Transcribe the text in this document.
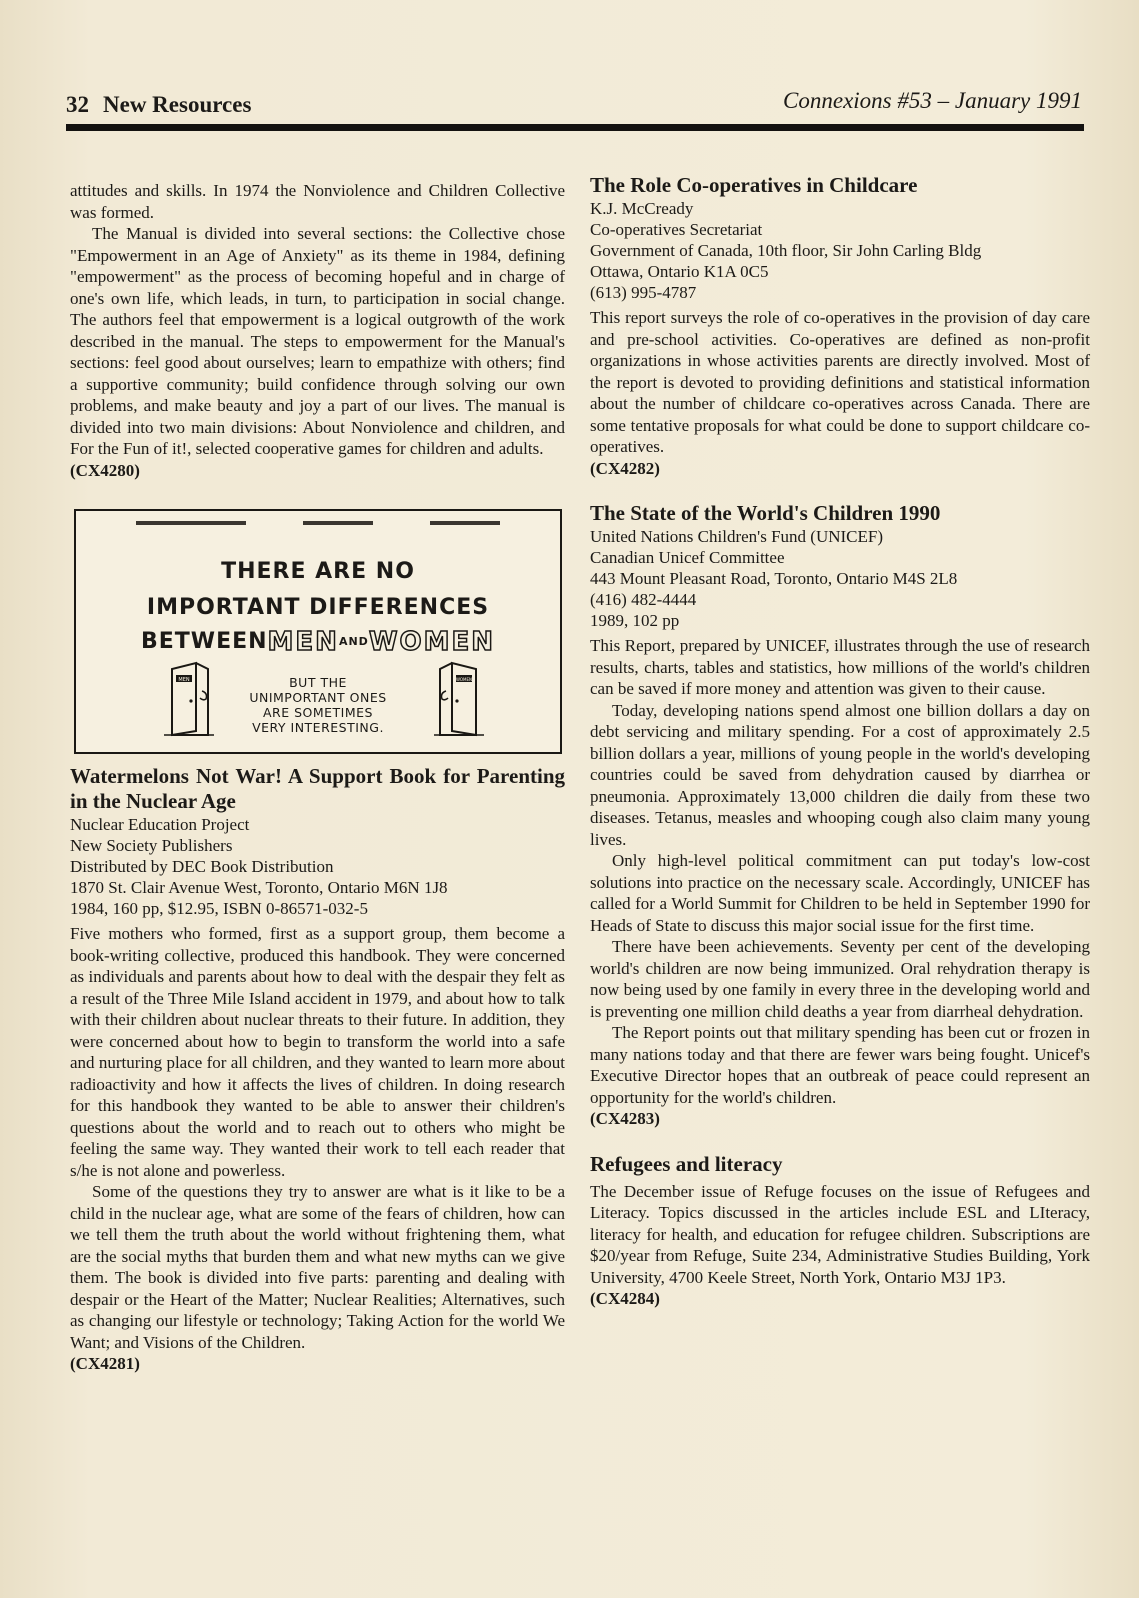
32 New Resources	Connexions #53 – January 1991

attitudes and skills. In 1974 the Nonviolence and Children Collective was formed.

The Manual is divided into several sections: the Collective chose "Empowerment in an Age of Anxiety" as its theme in 1984, defining "empowerment" as the process of becoming hopeful and in charge of one's own life, which leads, in turn, to participation in social change. The authors feel that empowerment is a logical outgrowth of the work described in the manual. The steps to empowerment for the Manual's sections: feel good about ourselves; learn to empathize with others; find a supportive community; build confidence through solving our own problems, and make beauty and joy a part of our lives. The manual is divided into two main divisions: About Nonviolence and children, and For the Fun of it!, selected cooperative games for children and adults.

(CX4280)

THERE ARE NO
IMPORTANT DIFFERENCES
BETWEENMENANDWOMEN
MEN	WOMEN
BUT THE
UNIMPORTANT ONES
ARE SOMETIMES
VERY INTERESTING.
Watermelons Not War! A Support Book for Parenting in the Nuclear Age
Nuclear Education Project
New Society Publishers
Distributed by DEC Book Distribution
1870 St. Clair Avenue West, Toronto, Ontario M6N 1J8
1984, 160 pp, $12.95, ISBN 0-86571-032-5

Five mothers who formed, first as a support group, them become a book-writing collective, produced this handbook. They were concerned as individuals and parents about how to deal with the despair they felt as a result of the Three Mile Island accident in 1979, and about how to talk with their children about nuclear threats to their future. In addition, they were concerned about how to begin to transform the world into a safe and nurturing place for all children, and they wanted to learn more about radioactivity and how it affects the lives of children. In doing research for this handbook they wanted to be able to answer their children's questions about the world and to reach out to others who might be feeling the same way. They wanted their work to tell each reader that s/he is not alone and powerless.

Some of the questions they try to answer are what is it like to be a child in the nuclear age, what are some of the fears of children, how can we tell them the truth about the world without frightening them, what are the social myths that burden them and what new myths can we give them. The book is divided into five parts: parenting and dealing with despair or the Heart of the Matter; Nuclear Realities; Alternatives, such as changing our lifestyle or technology; Taking Action for the world We Want; and Visions of the Children.

(CX4281)

The Role Co-operatives in Childcare
K.J. McCready
Co-operatives Secretariat
Government of Canada, 10th floor, Sir John Carling Bldg
Ottawa, Ontario K1A 0C5
(613) 995-4787

This report surveys the role of co-operatives in the provision of day care and pre-school activities. Co-operatives are defined as non-profit organizations in whose activities parents are directly involved. Most of the report is devoted to providing definitions and statistical information about the number of childcare co-operatives across Canada. There are some tentative proposals for what could be done to support childcare co-operatives.

(CX4282)

The State of the World's Children 1990
United Nations Children's Fund (UNICEF)
Canadian Unicef Committee
443 Mount Pleasant Road, Toronto, Ontario M4S 2L8
(416) 482-4444
1989, 102 pp

This Report, prepared by UNICEF, illustrates through the use of research results, charts, tables and statistics, how millions of the world's children can be saved if more money and attention was given to their cause.

Today, developing nations spend almost one billion dollars a day on debt servicing and military spending. For a cost of approximately 2.5 billion dollars a year, millions of young people in the world's developing countries could be saved from dehydration caused by diarrhea or pneumonia. Approximately 13,000 children die daily from these two diseases. Tetanus, measles and whooping cough also claim many young lives.

Only high-level political commitment can put today's low-cost solutions into practice on the necessary scale. Accordingly, UNICEF has called for a World Summit for Children to be held in September 1990 for Heads of State to discuss this major social issue for the first time.

There have been achievements. Seventy per cent of the developing world's children are now being immunized. Oral rehydration therapy is now being used by one family in every three in the developing world and is preventing one million child deaths a year from diarrheal dehydration.

The Report points out that military spending has been cut or frozen in many nations today and that there are fewer wars being fought. Unicef's Executive Director hopes that an outbreak of peace could represent an opportunity for the world's children.

(CX4283)

Refugees and literacy

The December issue of Refuge focuses on the issue of Refugees and Literacy. Topics discussed in the articles include ESL and LIteracy, literacy for health, and education for refugee children. Subscriptions are $20/year from Refuge, Suite 234, Administrative Studies Building, York University, 4700 Keele Street, North York, Ontario M3J 1P3.

(CX4284)
